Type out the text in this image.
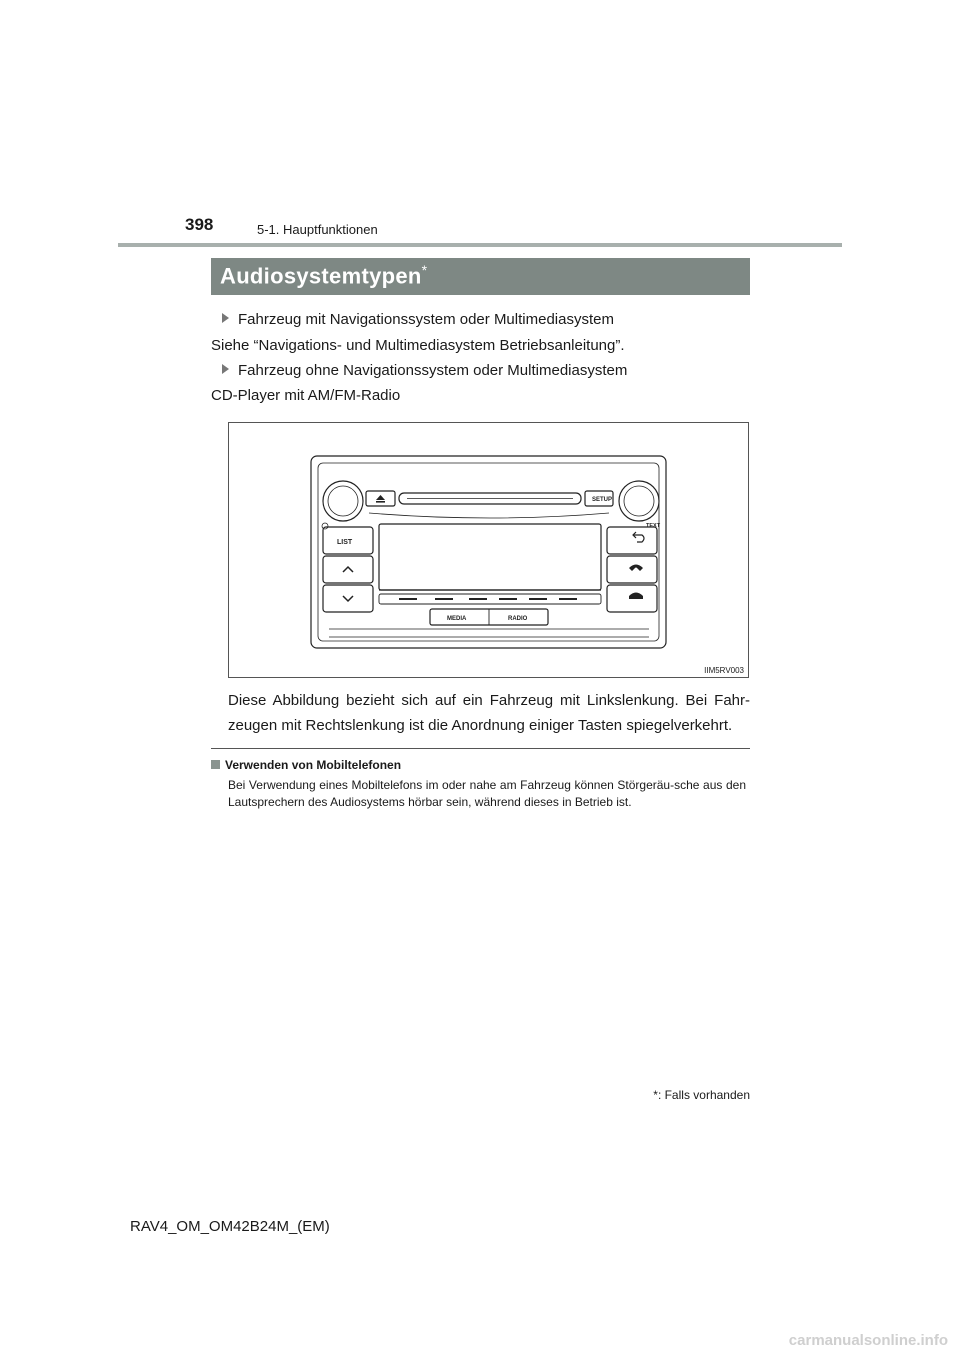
398	5-1. Hauptfunktionen
Audiosystemtypen*
Fahrzeug mit Navigationssystem oder Multimediasystem
Siehe “Navigations- und Multimediasystem Betriebsanleitung”.
Fahrzeug ohne Navigationssystem oder Multimediasystem
CD-Player mit AM/FM-Radio
SETUP
TEXT
LIST
MEDIA	RADIO
IIM5RV003
Diese Abbildung bezieht sich auf ein Fahrzeug mit Linkslenkung. Bei Fahr-zeugen mit Rechtslenkung ist die Anordnung einiger Tasten spiegelverkehrt.
Verwenden von Mobiltelefonen
Bei Verwendung eines Mobiltelefons im oder nahe am Fahrzeug können Störgeräu-sche aus den Lautsprechern des Audiosystems hörbar sein, während dieses in Betrieb ist.
*: Falls vorhanden
RAV4_OM_OM42B24M_(EM)
carmanualsonline.info
